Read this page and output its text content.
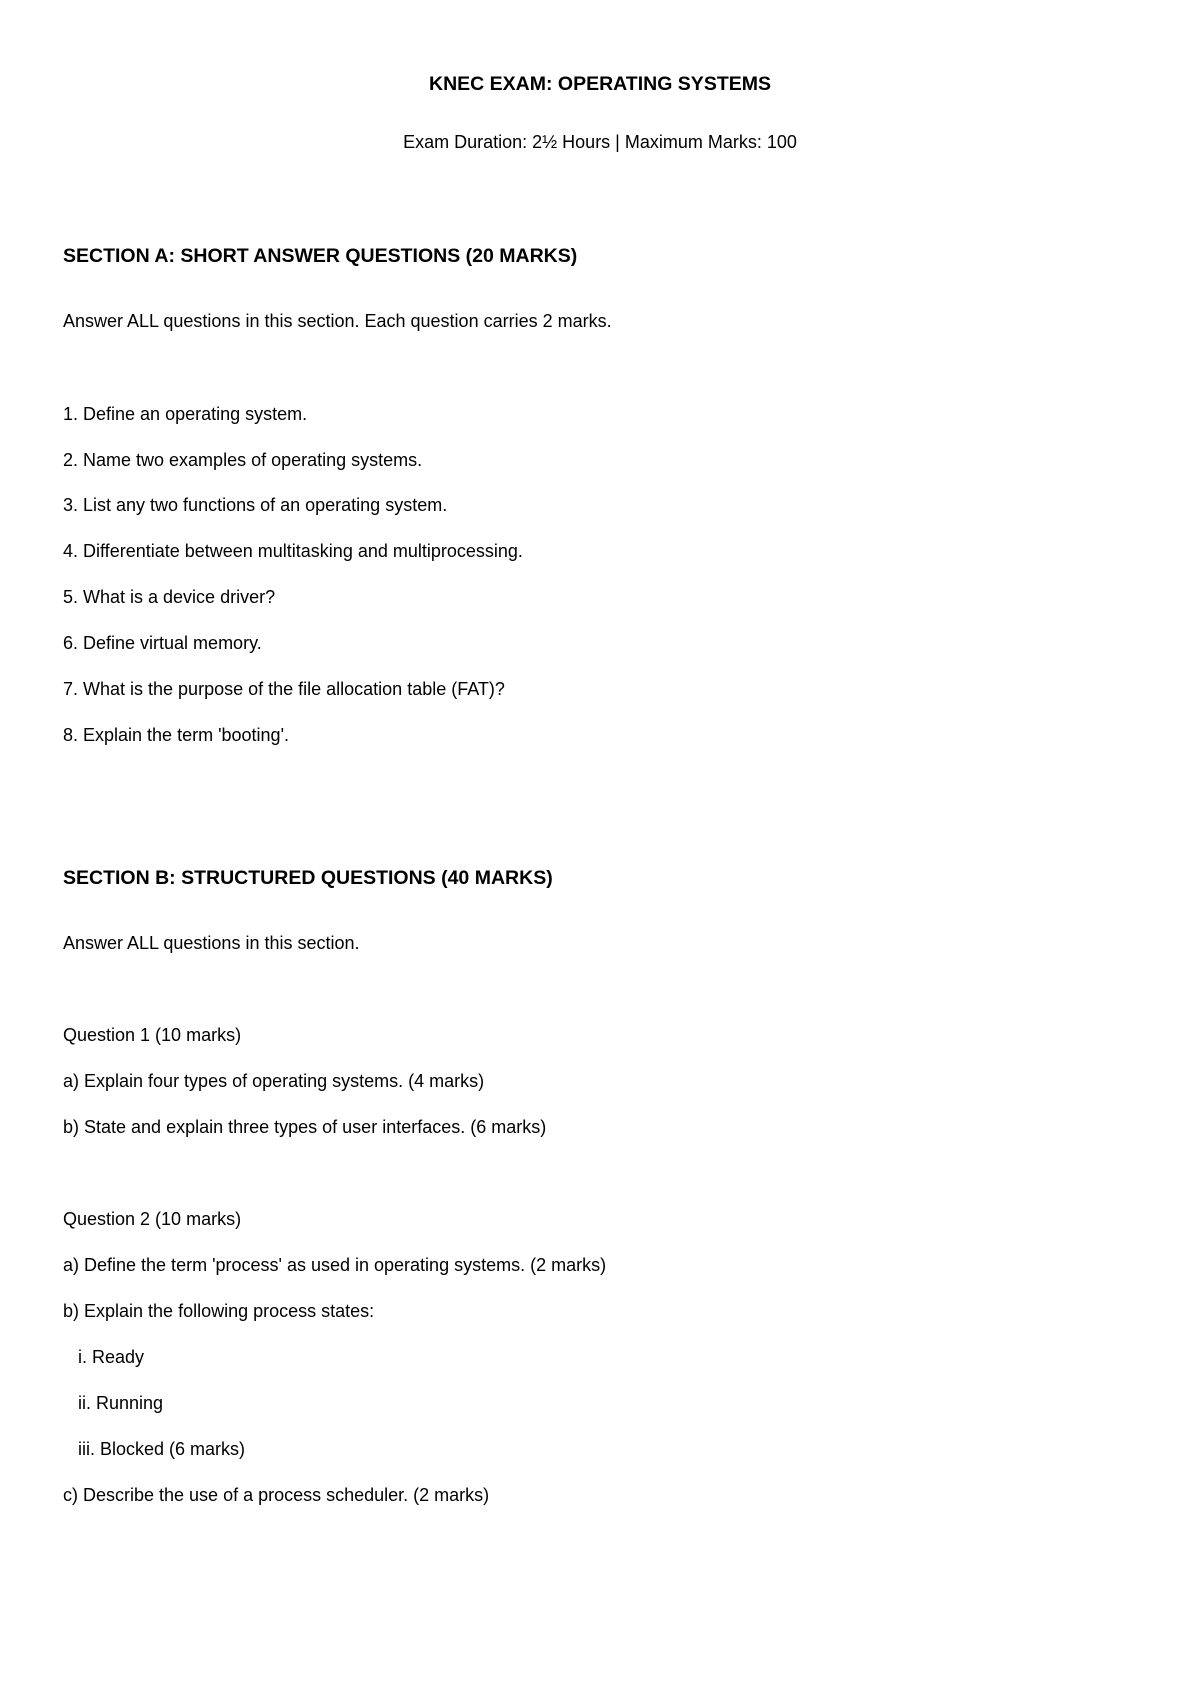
KNEC EXAM: OPERATING SYSTEMS
Exam Duration: 2½ Hours | Maximum Marks: 100
SECTION A: SHORT ANSWER QUESTIONS (20 MARKS)
Answer ALL questions in this section. Each question carries 2 marks.
1. Define an operating system.
2. Name two examples of operating systems.
3. List any two functions of an operating system.
4. Differentiate between multitasking and multiprocessing.
5. What is a device driver?
6. Define virtual memory.
7. What is the purpose of the file allocation table (FAT)?
8. Explain the term 'booting'.
SECTION B: STRUCTURED QUESTIONS (40 MARKS)
Answer ALL questions in this section.
Question 1 (10 marks)
a) Explain four types of operating systems. (4 marks)
b) State and explain three types of user interfaces. (6 marks)
Question 2 (10 marks)
a) Define the term 'process' as used in operating systems. (2 marks)
b) Explain the following process states:
i. Ready
ii. Running
iii. Blocked (6 marks)
c) Describe the use of a process scheduler. (2 marks)
